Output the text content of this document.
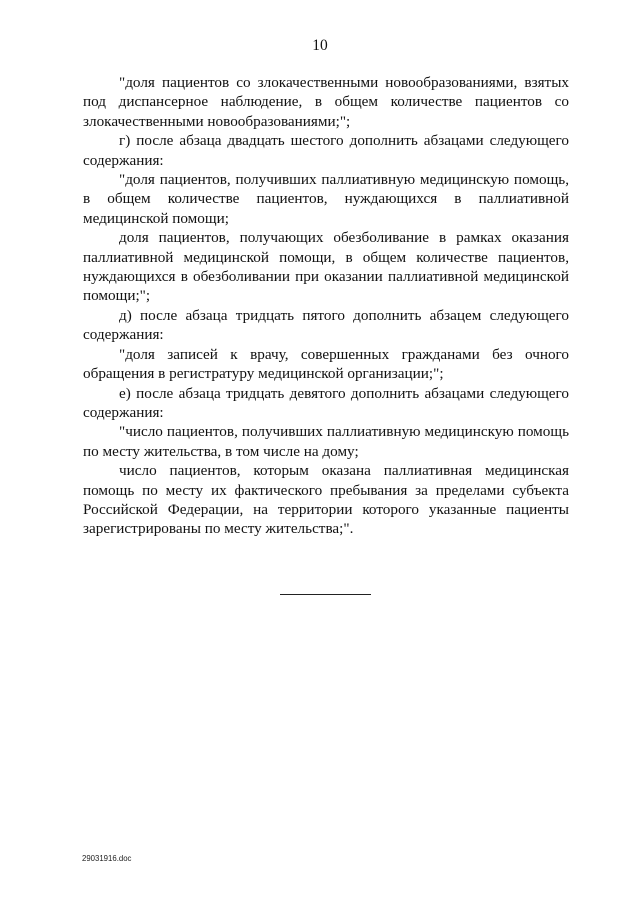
10

"доля пациентов со злокачественными новообразованиями, взятых под диспансерное наблюдение, в общем количестве пациентов со злокачественными новообразованиями;";

г) после абзаца двадцать шестого дополнить абзацами следующего содержания:

"доля пациентов, получивших паллиативную медицинскую помощь, в общем количестве пациентов, нуждающихся в паллиативной медицинской помощи;

доля пациентов, получающих обезболивание в рамках оказания паллиативной медицинской помощи, в общем количестве пациентов, нуждающихся в обезболивании при оказании паллиативной медицинской помощи;";

д) после абзаца тридцать пятого дополнить абзацем следующего содержания:

"доля записей к врачу, совершенных гражданами без очного обращения в регистратуру медицинской организации;";

е) после абзаца тридцать девятого дополнить абзацами следующего содержания:

"число пациентов, получивших паллиативную медицинскую помощь по месту жительства, в том числе на дому;

число пациентов, которым оказана паллиативная медицинская помощь по месту их фактического пребывания за пределами субъекта Российской Федерации, на территории которого указанные пациенты зарегистрированы по месту жительства;".

29031916.doc
